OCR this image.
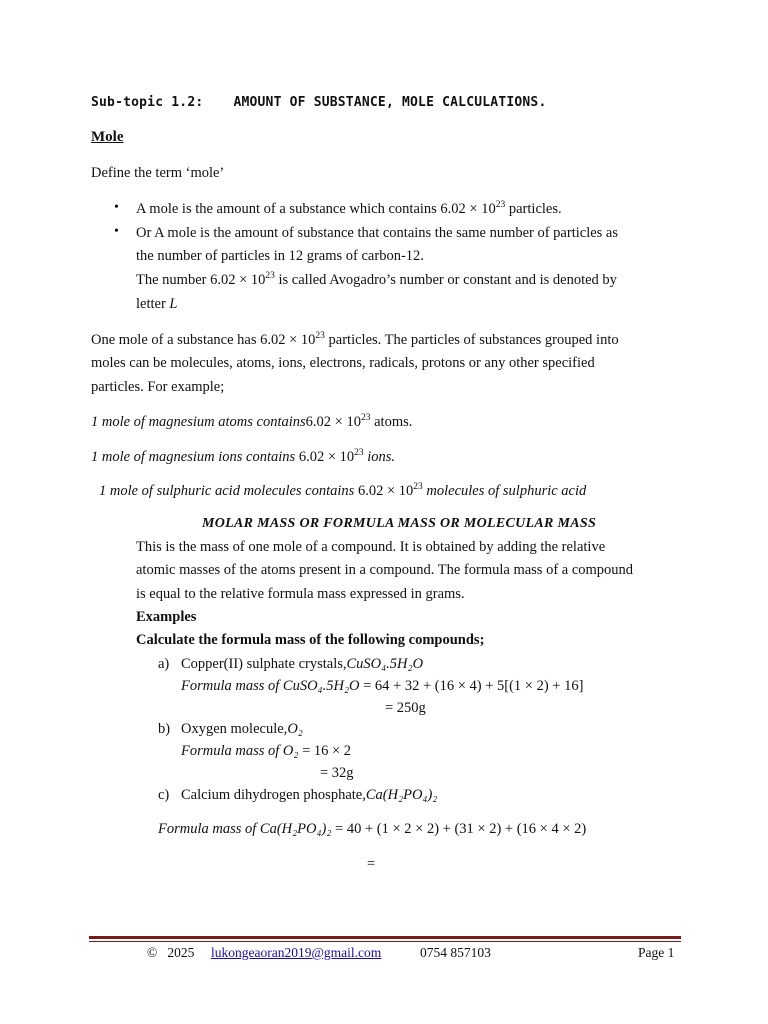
Sub-topic 1.2: AMOUNT OF SUBSTANCE, MOLE CALCULATIONS.
Mole
Define the term ‘mole’
• A mole is the amount of a substance which contains $6.02 \times 10^{23}$ particles.
• Or A mole is the amount of substance that contains the same number of particles as
the number of particles in 12 grams of carbon-12.
The number $6.02 \times 10^{23}$ is called Avogadro’s number or constant and is denoted by
letter L
One mole of a substance has $6.02 \times 10^{23}$ particles. The particles of substances grouped into
moles can be molecules, atoms, ions, electrons, radicals, protons or any other specified
particles. For example;
1 mole of magnesium atoms contains6.02 × $10^{23}$ atoms.
1 mole of magnesium ions contains $6.02 \times 10^{23}$ ions.
1 mole of sulphuric acid molecules contains $6.02 \times 10^{23}$ molecules of sulphuric acid
MOLAR MASS OR FORMULA MASS OR MOLECULAR MASS
This is the mass of one mole of a compound. It is obtained by adding the relative
atomic masses of the atoms present in a compound. The formula mass of a compound
is equal to the relative formula mass expressed in grams.
Examples
Calculate the formula mass of the following compounds;
a) Copper(II) sulphate crystals,CuSO₄.5H₂O
Formula mass of CuSO₄.5H₂O = 64 + 32 + (16 × 4) + 5[(1 × 2) + 16]
= 250g
b) Oxygen molecule,O₂
Formula mass of O₂ = 16 × 2
= 32g
c) Calcium dihydrogen phosphate,Ca(H₂PO₄)₂
Formula mass of Ca(H₂PO₄)₂ = 40 + (1 × 2 × 2) + (31 × 2) + (16 × 4 × 2)
=
©   2025 lukongeaoran2019@gmail.com	0754 857103	Page 1
